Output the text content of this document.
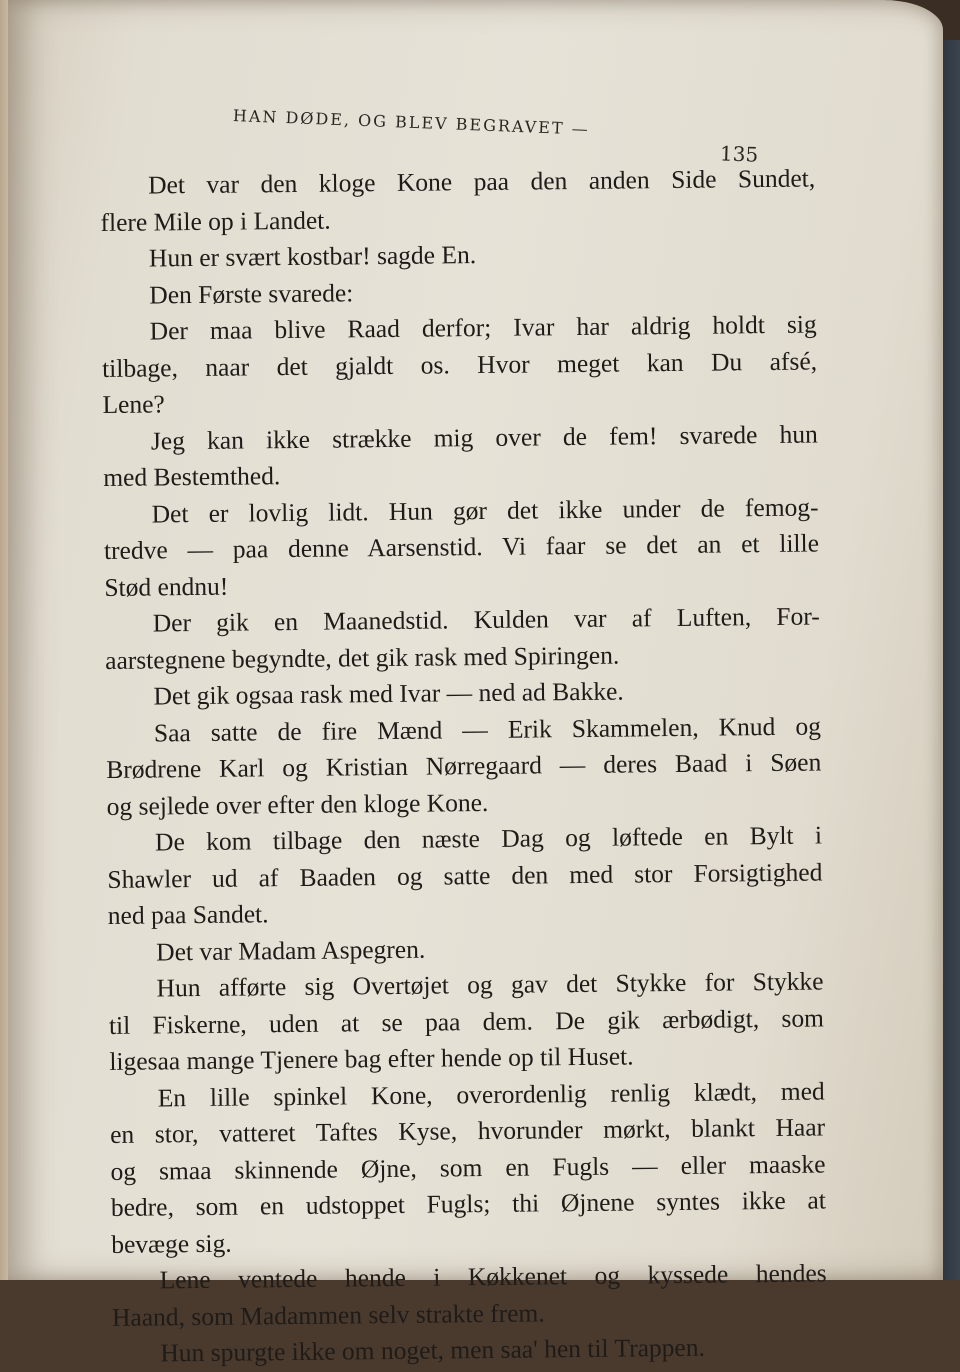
HAN DØDE, OG BLEV BEGRAVET —
135
Det var den kloge Kone paa den anden Side Sundet,
flere Mile op i Landet.
Hun er svært kostbar! sagde En.
Den Første svarede:
Der maa blive Raad derfor; Ivar har aldrig holdt sig
tilbage, naar det gjaldt os. Hvor meget kan Du afsé,
Lene?
Jeg kan ikke strække mig over de fem! svarede hun
med Bestemthed.
Det er lovlig lidt. Hun gør det ikke under de femog-
tredve — paa denne Aarsenstid. Vi faar se det an et lille
Stød endnu!
Der gik en Maanedstid. Kulden var af Luften, For-
aarstegnene begyndte, det gik rask med Spiringen.
Det gik ogsaa rask med Ivar — ned ad Bakke.
Saa satte de fire Mænd — Erik Skammelen, Knud og
Brødrene Karl og Kristian Nørregaard — deres Baad i Søen
og sejlede over efter den kloge Kone.
De kom tilbage den næste Dag og løftede en Bylt i
Shawler ud af Baaden og satte den med stor Forsigtighed
ned paa Sandet.
Det var Madam Aspegren.
Hun afførte sig Overtøjet og gav det Stykke for Stykke
til Fiskerne, uden at se paa dem. De gik ærbødigt, som
ligesaa mange Tjenere bag efter hende op til Huset.
En lille spinkel Kone, overordenlig renlig klædt, med
en stor, vatteret Taftes Kyse, hvorunder mørkt, blankt Haar
og smaa skinnende Øjne, som en Fugls — eller maaske
bedre, som en udstoppet Fugls; thi Øjnene syntes ikke at
bevæge sig.
Lene ventede hende i Køkkenet og kyssede hendes
Haand, som Madammen selv strakte frem.
Hun spurgte ikke om noget, men saa' hen til Trappen.
